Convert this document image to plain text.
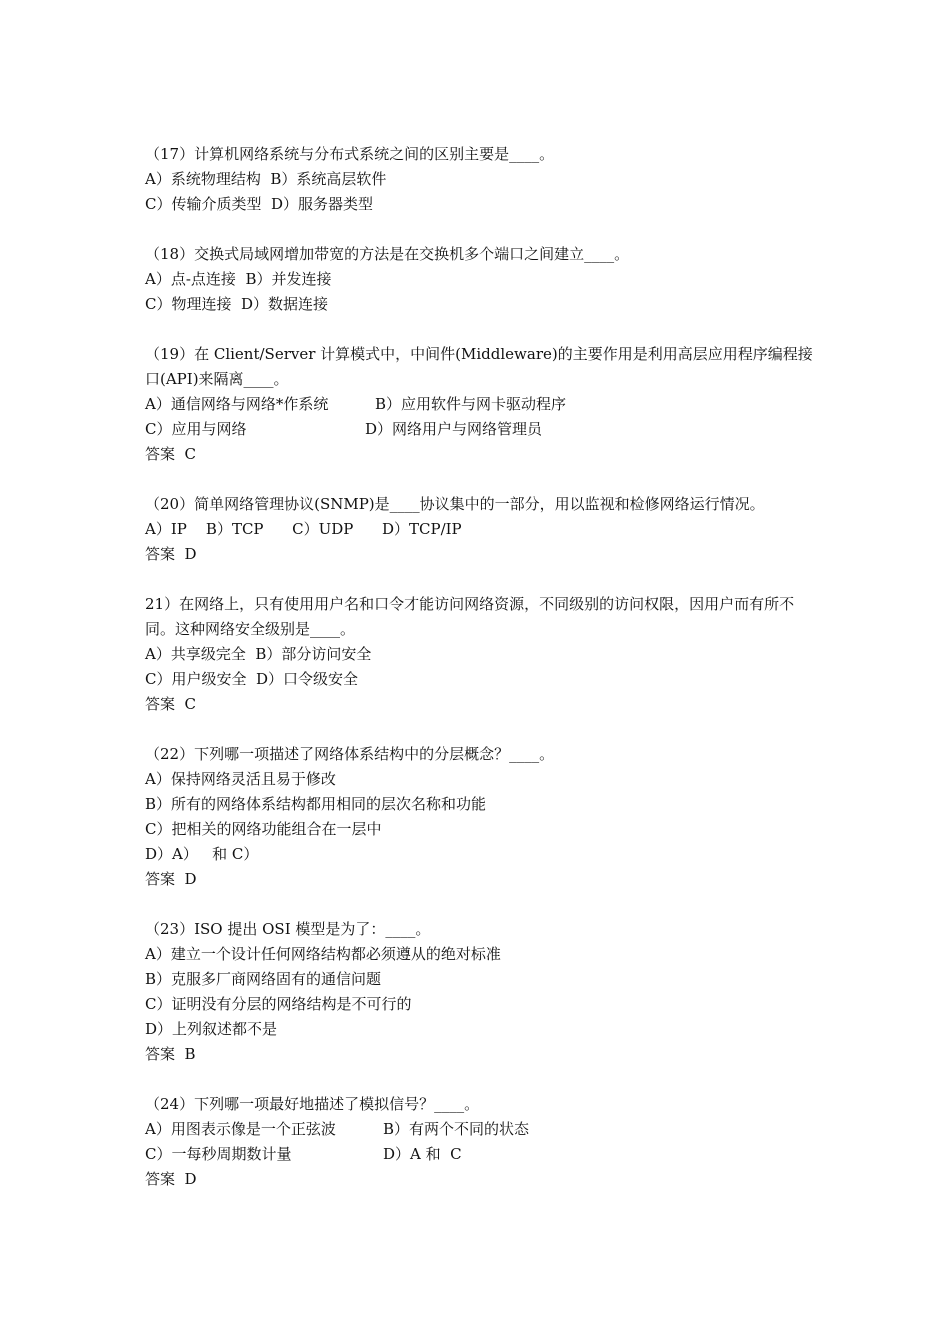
（17）计算机网络系统与分布式系统之间的区别主要是____。
A）系统物理结构  B）系统高层软件
C）传输介质类型  D）服务器类型
（18）交换式局域网增加带宽的方法是在交换机多个端口之间建立____。
A）点-点连接  B）并发连接
C）物理连接  D）数据连接
（19）在 Client/Server 计算模式中，中间件(Middleware)的主要作用是利用高层应用程序编程接口(API)来隔离____。
A）通信网络与网络*作系统	B）应用软件与网卡驱动程序
C）应用与网络	D）网络用户与网络管理员
答案  C
（20）简单网络管理协议(SNMP)是____协议集中的一部分，用以监视和检修网络运行情况。
A）IP    B）TCP      C）UDP      D）TCP/IP
答案  D
21）在网络上，只有使用用户名和口令才能访问网络资源，不同级别的访问权限，因用户而有所不同。这种网络安全级别是____。
A）共享级完全  B）部分访问安全
C）用户级安全  D）口令级安全
答案  C
（22）下列哪一项描述了网络体系结构中的分层概念？____。
A）保持网络灵活且易于修改
B）所有的网络体系结构都用相同的层次名称和功能
C）把相关的网络功能组合在一层中
D）A）   和 C）
答案  D
（23）ISO 提出 OSI 模型是为了：____。
A）建立一个设计任何网络结构都必须遵从的绝对标准
B）克服多厂商网络固有的通信问题
C）证明没有分层的网络结构是不可行的
D）上列叙述都不是
答案  B
（24）下列哪一项最好地描述了模拟信号？____。
A）用图表示像是一个正弦波	B）有两个不同的状态
C）一每秒周期数计量	D）A 和  C
答案  D
